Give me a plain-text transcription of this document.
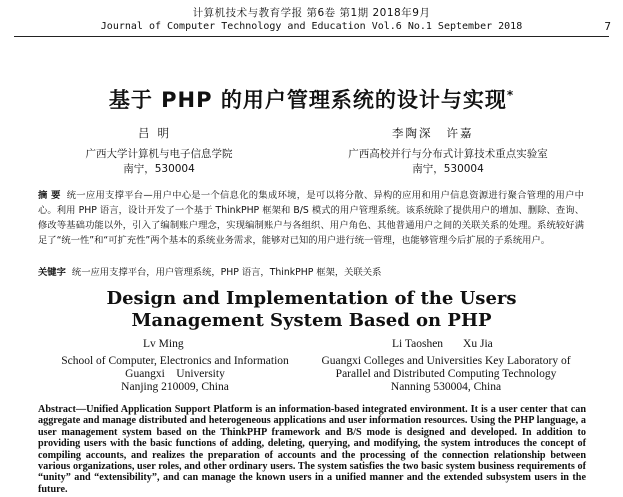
计算机技术与教育学报 第6卷 第1期 2018年9月
Journal of Computer Technology and Education Vol.6 No.1 September 2018	7
基于 PHP 的用户管理系统的设计与实现*
吕明	李陶深 许嘉
广西大学计算机与电子信息学院
南宁，530004
广西高校并行与分布式计算技术重点实验室
南宁，530004
摘 要 统一应用支撑平台—用户中心是一个信息化的集成环境，是可以将分散、异构的应用和用户信息资源进行聚合管理的用户中心。利用 PHP 语言，设计开发了一个基于 ThinkPHP 框架和 B/S 模式的用户管理系统。该系统除了提供用户的增加、删除、查询、修改等基础功能以外，引入了编制账户理念，实现编制账户与各组织、用户角色、其他普通用户之间的关联关系的处理。系统较好满足了“统一性”和“可扩充性”两个基本的系统业务需求，能够对已知的用户进行统一管理，也能够管理今后扩展的子系统用户。
关键字 统一应用支撑平台，用户管理系统，PHP 语言，ThinkPHP 框架，关联关系
Design and Implementation of the Users
Management System Based on PHP
Lv Ming	Li Taoshen Xu Jia
School of Computer, Electronics and Information
Guangxi    University
Nanjing 210009, China
Guangxi Colleges and Universities Key Laboratory of
Parallel and Distributed Computing Technology
Nanning 530004, China
Abstract—Unified Application Support Platform is an information-based integrated environment. It is a user center that can aggregate and manage distributed and heterogeneous applications and user information resources. Using the PHP language, a user management system based on the ThinkPHP framework and B/S mode is designed and developed. In addition to providing users with the basic functions of adding, deleting, querying, and modifying, the system introduces the concept of compiling accounts, and realizes the preparation of accounts and the processing of the connection relationship between various organizations, user roles, and other ordinary users. The system satisfies the two basic system business requirements of “unity” and “extensibility”, and can manage the known users in a unified manner and the extended subsystem users in the future.
